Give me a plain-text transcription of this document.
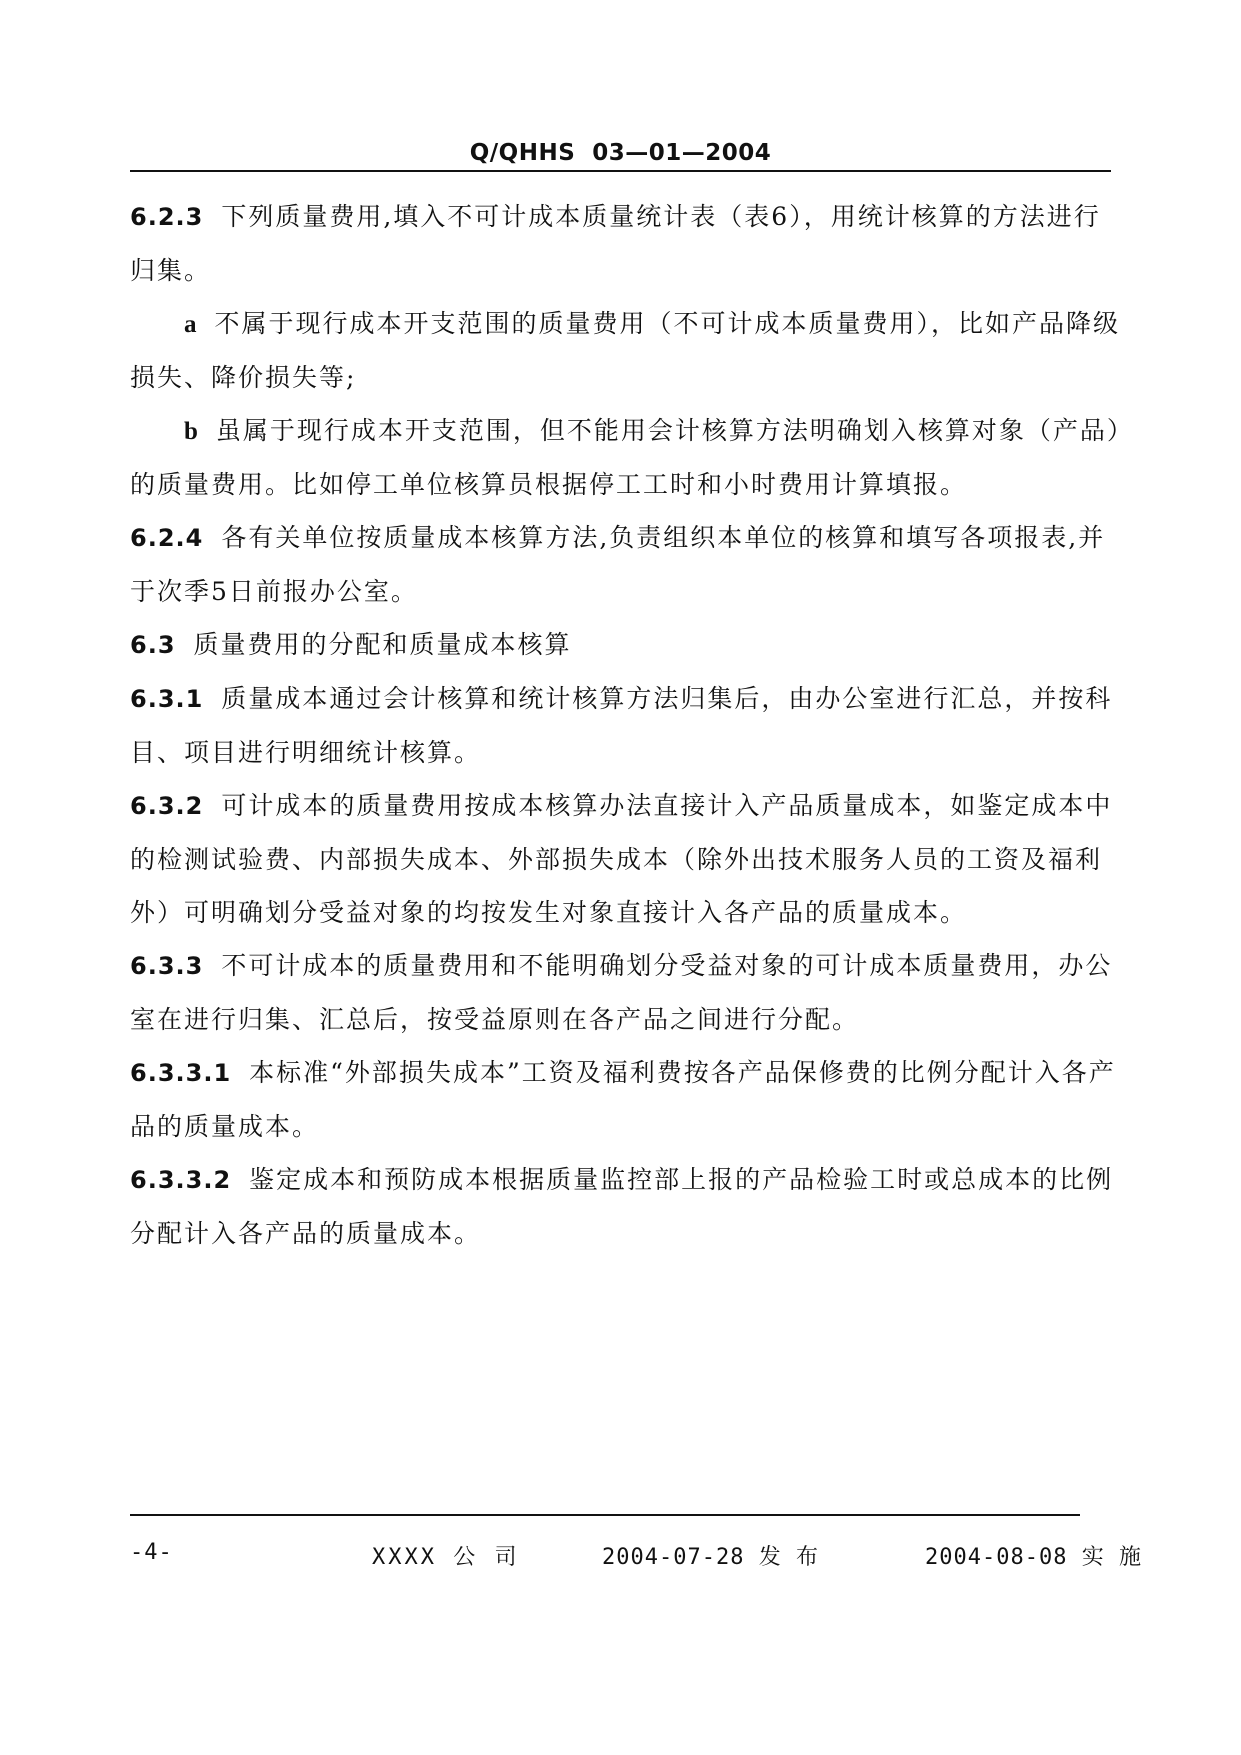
Q/QHHS  03—01—2004

6.2.3 下列质量费用,填入不可计成本质量统计表（表6），用统计核算的方法进行归集。

a 不属于现行成本开支范围的质量费用（不可计成本质量费用），比如产品降级损失、降价损失等;

b 虽属于现行成本开支范围，但不能用会计核算方法明确划入核算对象（产品）的质量费用。比如停工单位核算员根据停工工时和小时费用计算填报。

6.2.4 各有关单位按质量成本核算方法,负责组织本单位的核算和填写各项报表,并于次季5日前报办公室。

6.3 质量费用的分配和质量成本核算

6.3.1 质量成本通过会计核算和统计核算方法归集后，由办公室进行汇总，并按科目、项目进行明细统计核算。

6.3.2 可计成本的质量费用按成本核算办法直接计入产品质量成本，如鉴定成本中的检测试验费、内部损失成本、外部损失成本（除外出技术服务人员的工资及福利外）可明确划分受益对象的均按发生对象直接计入各产品的质量成本。

6.3.3 不可计成本的质量费用和不能明确划分受益对象的可计成本质量费用，办公室在进行归集、汇总后，按受益原则在各产品之间进行分配。

6.3.3.1 本标准“外部损失成本”工资及福利费按各产品保修费的比例分配计入各产品的质量成本。

6.3.3.2 鉴定成本和预防成本根据质量监控部上报的产品检验工时或总成本的比例分配计入各产品的质量成本。

-4-	XXXX 公 司	2004-07-28 发 布	2004-08-08 实 施
